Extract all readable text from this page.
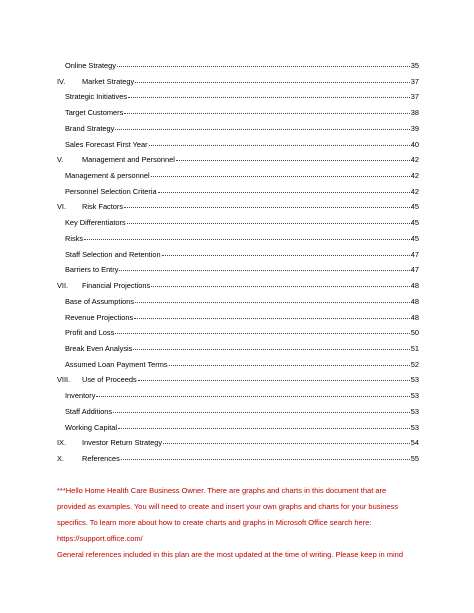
Online Strategy	35
IV.	Market Strategy	37
Strategic Initiatives	37
Target Customers	38
Brand Strategy	39
Sales Forecast First Year	40
V.	Management and Personnel	42
Management & personnel	42
Personnel Selection Criteria	42
VI.	Risk Factors	45
Key Differentiators	45
Risks	45
Staff Selection and Retention	47
Barriers to Entry	47
VII.	Financial Projections	48
Base of Assumptions	48
Revenue Projections	48
Profit and Loss	50
Break Even Analysis	51
Assumed Loan Payment Terms	52
VIII.	Use of Proceeds	53
Inventory	53
Staff Additions	53
Working Capital	53
IX.	Investor Return Strategy	54
X.	References	55
***Hello Home Health Care Business Owner. There are graphs and charts in this document that are
provided as examples. You will need to create and insert your own graphs and charts for your business
specifics. To learn more about how to create charts and graphs in Microsoft Office search here:
https://support.office.com/
General references included in this plan are the most updated at the time of writing. Please keep in mind
